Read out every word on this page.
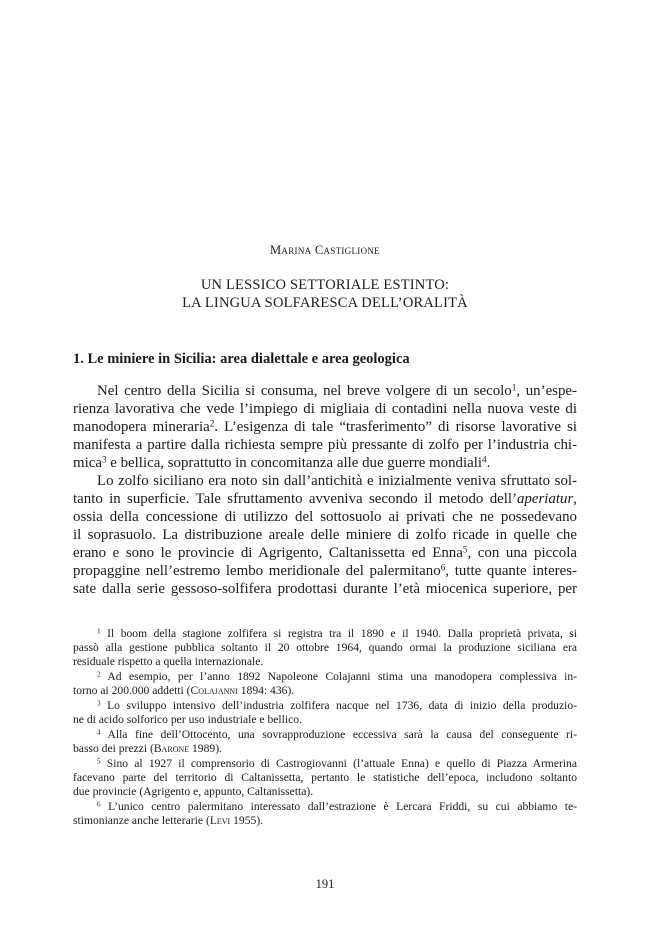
Marina Castiglione
UN LESSICO SETTORIALE ESTINTO:
LA LINGUA SOLFARESCA DELL’ORALITÀ
1. Le miniere in Sicilia: area dialettale e area geologica
Nel centro della Sicilia si consuma, nel breve volgere di un secolo$^1$, un’espe-
rienza lavorativa che vede l’impiego di migliaia di contadini nella nuova veste di
manodopera mineraria$^2$. L’esigenza di tale “trasferimento” di risorse lavorative si
manifesta a partire dalla richiesta sempre più pressante di zolfo per l’industria chi-
mica$^3$ e bellica, soprattutto in concomitanza alle due guerre mondiali$^4$.
Lo zolfo siciliano era noto sin dall’antichità e inizialmente veniva sfruttato sol-
tanto in superficie. Tale sfruttamento avveniva secondo il metodo dell’aperiatur,
ossia della concessione di utilizzo del sottosuolo ai privati che ne possedevano
il soprasuolo. La distribuzione areale delle miniere di zolfo ricade in quelle che
erano e sono le provincie di Agrigento, Caltanissetta ed Enna$^5$, con una piccola
propaggine nell’estremo lembo meridionale del palermitano$^6$, tutte quante interes-
sate dalla serie gessoso-solfifera prodottasi durante l’età miocenica superiore, per
$^1$ Il boom della stagione zolfifera si registra tra il 1890 e il 1940. Dalla proprietà privata, si
passò alla gestione pubblica soltanto il 20 ottobre 1964, quando ormai la produzione siciliana era
residuale rispetto a quella internazionale.
$^2$ Ad esempio, per l’anno 1892 Napoleone Colajanni stima una manodopera complessiva in-
torno ai 200.000 addetti (Colajanni 1894: 436).
$^3$ Lo sviluppo intensivo dell’industria zolfifera nacque nel 1736, data di inizio della produzio-
ne di acido solforico per uso industriale e bellico.
$^4$ Alla fine dell’Ottocento, una sovrapproduzione eccessiva sarà la causa del conseguente ri-
basso dei prezzi (Barone 1989).
$^5$ Sino al 1927 il comprensorio di Castrogiovanni (l’attuale Enna) e quello di Piazza Armerina
facevano parte del territorio di Caltanissetta, pertanto le statistiche dell’epoca, includono soltanto
due provincie (Agrigento e, appunto, Caltanissetta).
$^6$ L’unico centro palermitano interessato dall’estrazione è Lercara Friddi, su cui abbiamo te-
stimonianze anche letterarie (Levi 1955).
191
